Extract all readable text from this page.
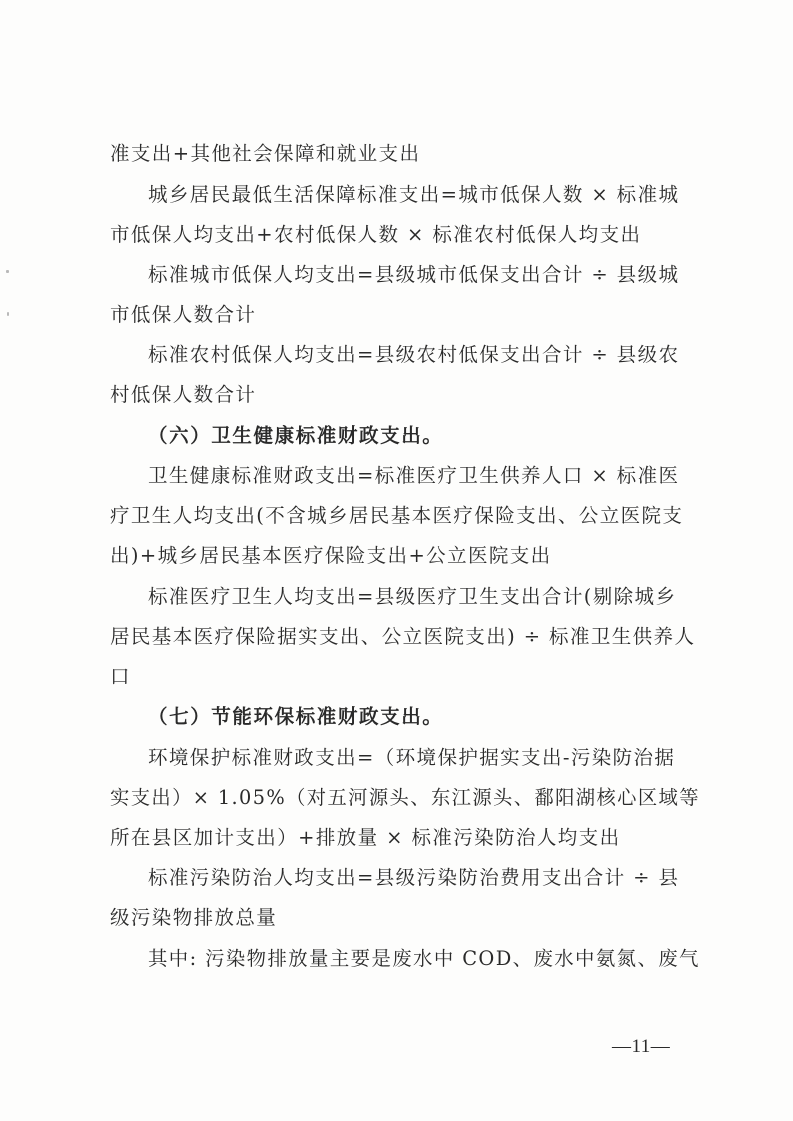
准支出+其他社会保障和就业支出
城乡居民最低生活保障标准支出=城市低保人数 × 标准城
市低保人均支出+农村低保人数 × 标准农村低保人均支出
标准城市低保人均支出=县级城市低保支出合计 ÷ 县级城
市低保人数合计
标准农村低保人均支出=县级农村低保支出合计 ÷ 县级农
村低保人数合计
（六）卫生健康标准财政支出。
卫生健康标准财政支出=标准医疗卫生供养人口 × 标准医
疗卫生人均支出(不含城乡居民基本医疗保险支出、公立医院支
出)+城乡居民基本医疗保险支出+公立医院支出
标准医疗卫生人均支出=县级医疗卫生支出合计(剔除城乡
居民基本医疗保险据实支出、公立医院支出) ÷ 标准卫生供养人
口
（七）节能环保标准财政支出。
环境保护标准财政支出=（环境保护据实支出-污染防治据
实支出）× 1.05%（对五河源头、东江源头、鄱阳湖核心区域等
所在县区加计支出）+排放量 × 标准污染防治人均支出
标准污染防治人均支出=县级污染防治费用支出合计 ÷ 县
级污染物排放总量
其中: 污染物排放量主要是废水中 COD、废水中氨氮、废气
—11—
